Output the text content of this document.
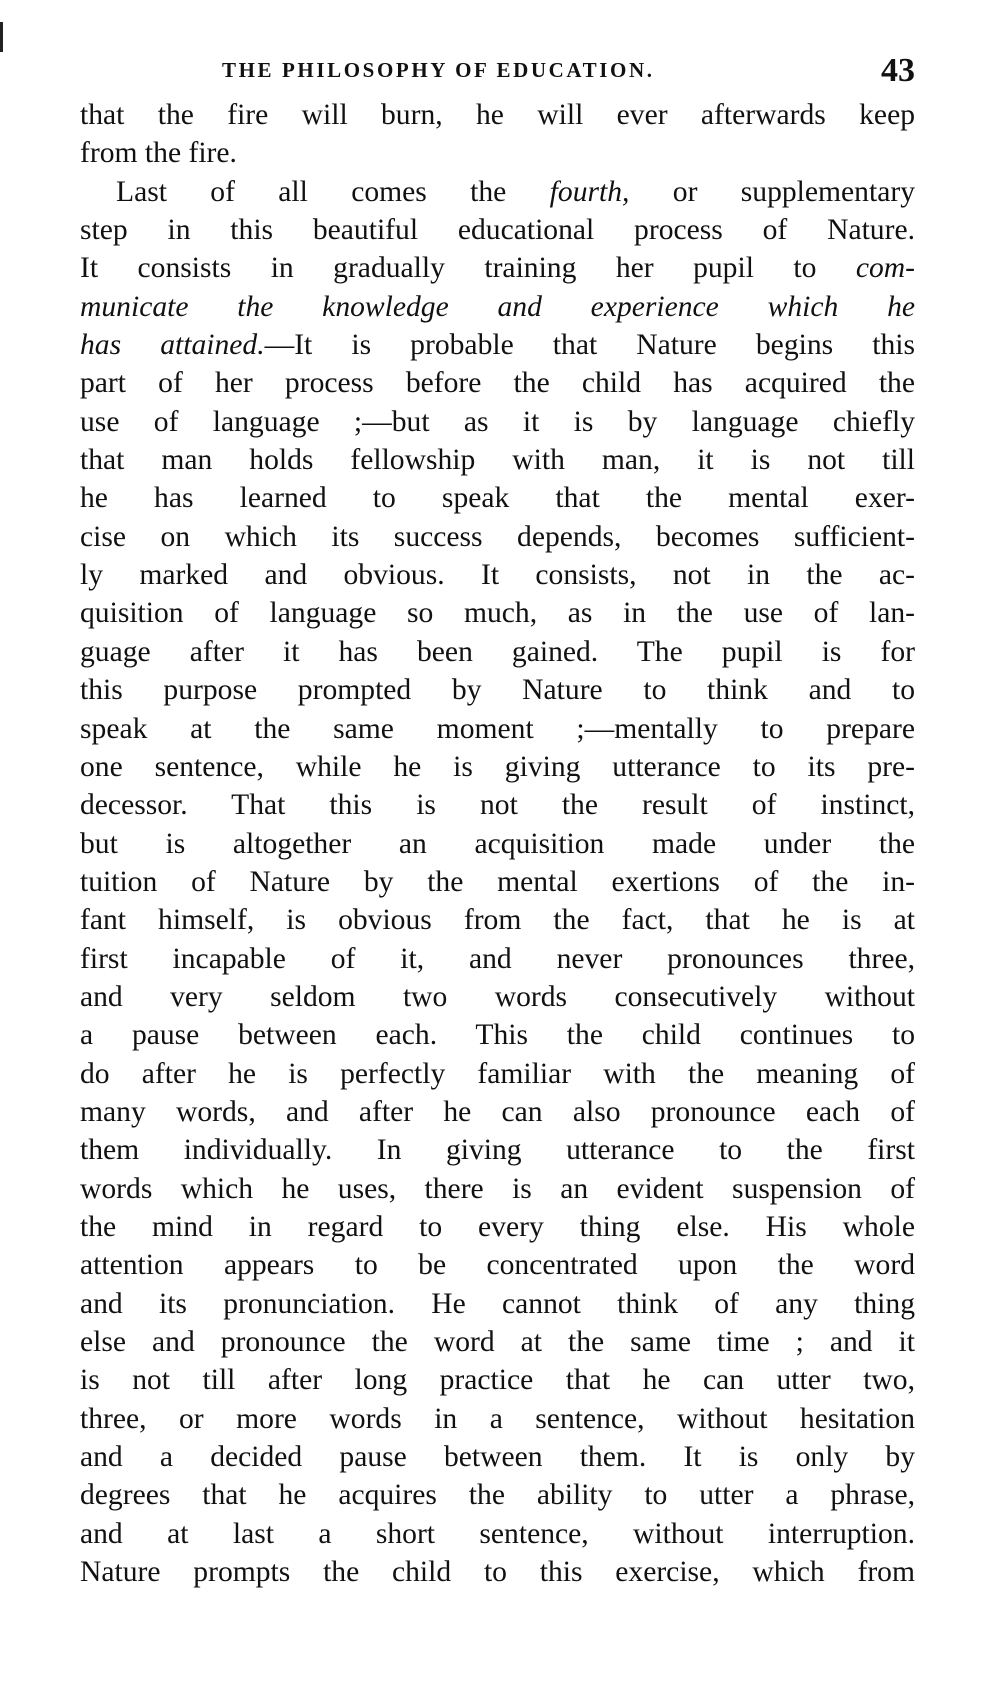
THE PHILOSOPHY OF EDUCATION.	43
that the fire will burn, he will ever afterwards keep
from the fire.
Last of all comes the fourth, or supplementary
step in this beautiful educational process of Nature.
It consists in gradually training her pupil to com-
municate the knowledge and experience which he
has attained.—It is probable that Nature begins this
part of her process before the child has acquired the
use of language ;—but as it is by language chiefly
that man holds fellowship with man, it is not till
he has learned to speak that the mental exer-
cise on which its success depends, becomes sufficient-
ly marked and obvious. It consists, not in the ac-
quisition of language so much, as in the use of lan-
guage after it has been gained. The pupil is for
this purpose prompted by Nature to think and to
speak at the same moment ;—mentally to prepare
one sentence, while he is giving utterance to its pre-
decessor. That this is not the result of instinct,
but is altogether an acquisition made under the
tuition of Nature by the mental exertions of the in-
fant himself, is obvious from the fact, that he is at
first incapable of it, and never pronounces three,
and very seldom two words consecutively without
a pause between each. This the child continues to
do after he is perfectly familiar with the meaning of
many words, and after he can also pronounce each of
them individually. In giving utterance to the first
words which he uses, there is an evident suspension of
the mind in regard to every thing else. His whole
attention appears to be concentrated upon the word
and its pronunciation. He cannot think of any thing
else and pronounce the word at the same time ; and it
is not till after long practice that he can utter two,
three, or more words in a sentence, without hesitation
and a decided pause between them. It is only by
degrees that he acquires the ability to utter a phrase,
and at last a short sentence, without interruption.
Nature prompts the child to this exercise, which from
